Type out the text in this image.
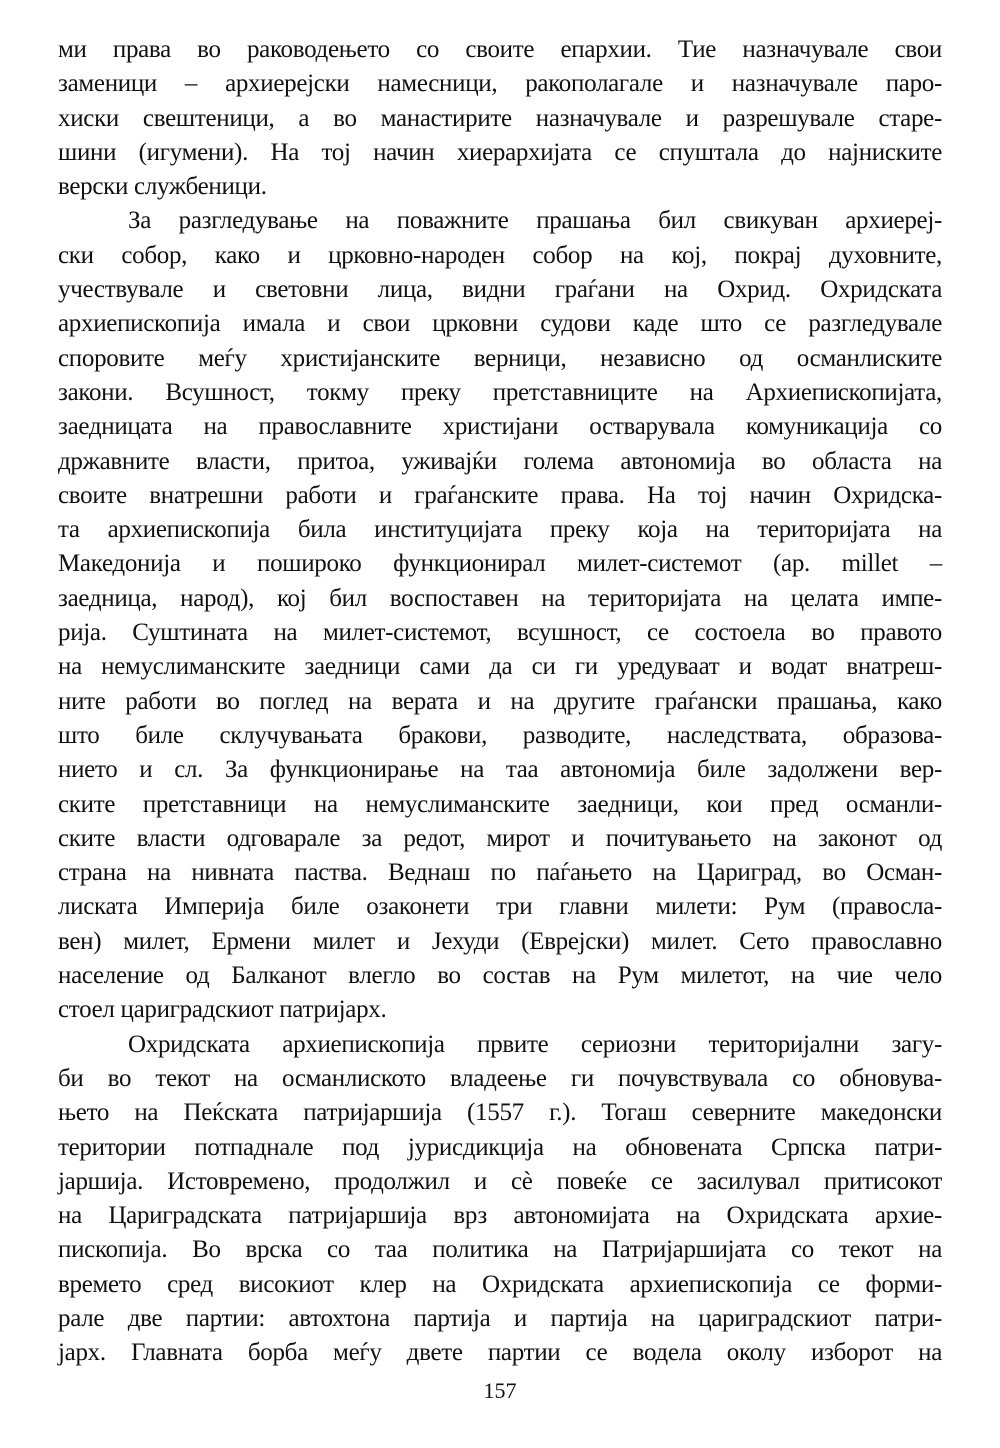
ми права во раководењето со своите епархии. Тие назначувале свои
заменици – архиерејски намесници, ракополагале и назначувале паро-
хиски свештеници, а во манастирите назначувале и разрешувале старе-
шини (игумени). На тој начин хиерархијата се спуштала до најниските
верски службеници.
За разгледување на поважните прашања бил свикуван архиереј-
ски собор, како и црковно-народен собор на кој, покрај духовните,
учествувале и световни лица, видни граѓани на Охрид. Охридската
архиепископија имала и свои црковни судови каде што се разгледувале
споровите меѓу христијанските верници, независно од османлиските
закони. Всушност, токму преку претставниците на Архиепископијата,
заедницата на православните христијани остварувала комуникација со
државните власти, притоа, уживајќи голема автономија во областа на
своите внатрешни работи и граѓанските права. На тој начин Охридска-
та архиепископија била институцијата преку која на територијата на
Македонија и пошироко функционирал милет-системот (ар. millet –
заедница, народ), кој бил воспоставен на територијата на целата импе-
рија. Суштината на милет-системот, всушност, се состоела во правото
на немуслиманските заедници сами да си ги уредуваат и водат внатреш-
ните работи во поглед на верата и на другите граѓански прашања, како
што биле склучувањата бракови, разводите, наследствата, образова-
нието и сл. За функционирање на таа автономија биле задолжени вер-
ските претставници на немуслиманските заедници, кои пред османли-
ските власти одговарале за редот, мирот и почитувањето на законот од
страна на нивната паства. Веднаш по паѓањето на Цариград, во Осман-
лиската Империја биле озаконети три главни милети: Рум (правосла-
вен) милет, Ермени милет и Јехуди (Еврејски) милет. Сето православно
население од Балканот влегло во состав на Рум милетот, на чие чело
стоел цариградскиот патријарх.
Охридската архиепископија првите сериозни територијални загу-
би во текот на османлиското владеење ги почувствувала со обновува-
њето на Пеќската патријаршија (1557 г.). Тогаш северните македонски
територии потпаднале под јурисдикција на обновената Српска патри-
јаршија. Истовремено, продолжил и сè повеќе се засилувал притисокот
на Цариградската патријаршија врз автономијата на Охридската архие-
пископија. Во врска со таа политика на Патријаршијата со текот на
времето сред високиот клер на Охридската архиепископија се форми-
рале две партии: автохтона партија и партија на цариградскиот патри-
јарх. Главната борба меѓу двете партии се водела околу изборот на
157
